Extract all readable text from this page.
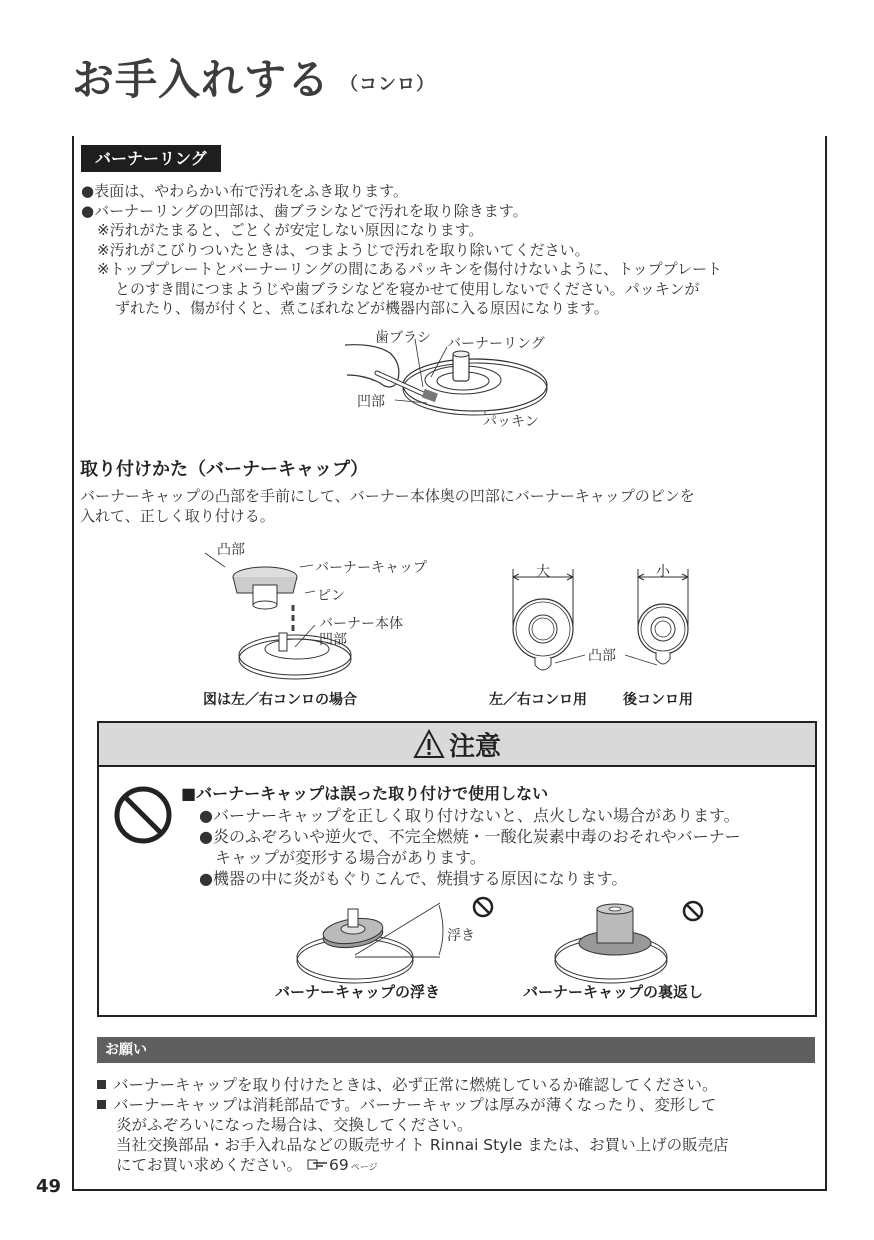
お手入れする （コンロ）
バーナーリング
●表面は、やわらかい布で汚れをふき取ります。
●バーナーリングの凹部は、歯ブラシなどで汚れを取り除きます。
※汚れがたまると、ごとくが安定しない原因になります。
※汚れがこびりついたときは、つまようじで汚れを取り除いてください。
※トッププレートとバーナーリングの間にあるパッキンを傷付けないように、トッププレート
とのすき間につまようじや歯ブラシなどを寝かせて使用しないでください。パッキンが
ずれたり、傷が付くと、煮こぼれなどが機器内部に入る原因になります。
歯ブラシ バーナーリング
凹部
パッキン
取り付けかた（バーナーキャップ）
バーナーキャップの凸部を手前にして、バーナー本体奥の凹部にバーナーキャップのピンを
入れて、正しく取り付ける。
凸部
バーナーキャップ
ピン
バーナー本体
凹部
図は左／右コンロの場合
大	小
凸部
左／右コンロ用	後コンロ用
注意
■バーナーキャップは誤った取り付けで使用しない
●バーナーキャップを正しく取り付けないと、点火しない場合があります。
●炎のふぞろいや逆火で、不完全燃焼・一酸化炭素中毒のおそれやバーナー
キャップが変形する場合があります。
●機器の中に炎がもぐりこんで、焼損する原因になります。
浮き
バーナーキャップの浮き	バーナーキャップの裏返し
お願い
バーナーキャップを取り付けたときは、必ず正常に燃焼しているか確認してください。
バーナーキャップは消耗部品です。バーナーキャップは厚みが薄くなったり、変形して
炎がふぞろいになった場合は、交換してください。
当社交換部品・お手入れ品などの販売サイト Rinnai Style または、お買い上げの販売店
にてお買い求めください。 69 ページ
49
